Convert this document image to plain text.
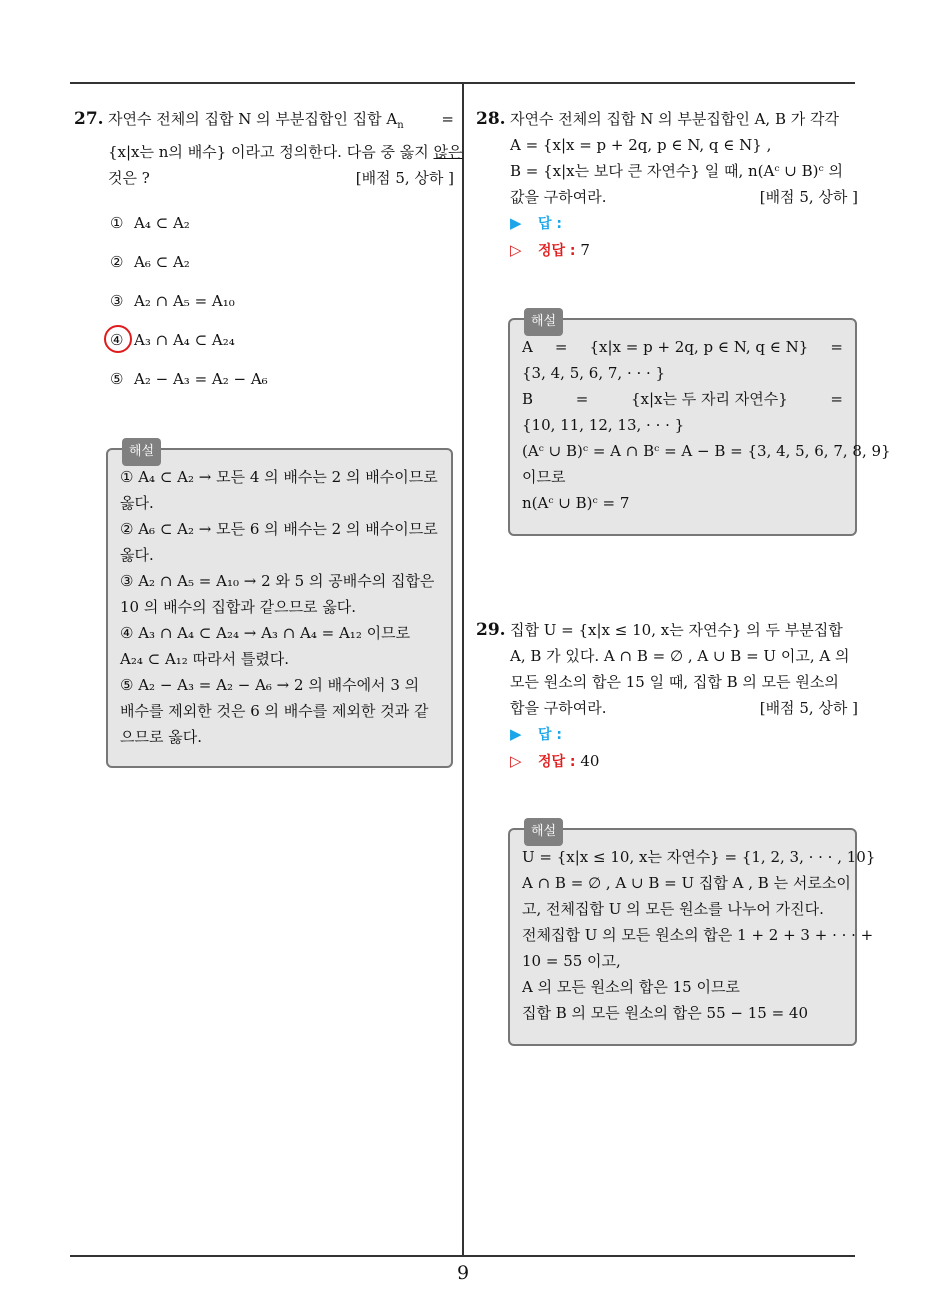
9
27. 자연수 전체의 집합 N 의 부분집합인 집합 $A_n$	=
{x|x는 n의 배수} 이라고 정의한다. 다음 중 옳지 않은
것은 ?	[배점 5, 상하 ]
① A₄ ⊂ A₂
② A₆ ⊂ A₂
③ A₂ ∩ A₅ = A₁₀
④ A₃ ∩ A₄ ⊂ A₂₄
⑤ A₂ − A₃ = A₂ − A₆
해설
① A₄ ⊂ A₂ → 모든 4 의 배수는 2 의 배수이므로
옳다.
② A₆ ⊂ A₂ → 모든 6 의 배수는 2 의 배수이므로
옳다.
③ A₂ ∩ A₅ = A₁₀ → 2 와 5 의 공배수의 집합은
10 의 배수의 집합과 같으므로 옳다.
④ A₃ ∩ A₄ ⊂ A₂₄ → A₃ ∩ A₄ = A₁₂ 이므로
A₂₄ ⊂ A₁₂ 따라서 틀렸다.
⑤ A₂ − A₃ = A₂ − A₆ → 2 의 배수에서 3 의
배수를 제외한 것은 6 의 배수를 제외한 것과 같
으므로 옳다.
28. 자연수 전체의 집합 N 의 부분집합인 A, B 가 각각
A = {x|x = p + 2q, p ∈ N, q ∈ N} ,
B = {x|x는 보다 큰 자연수} 일 때, n(Aᶜ ∪ B)ᶜ 의
값을 구하여라.	[배점 5, 상하 ]
▶ 답 :
▷ 정답 : 7
해설
A = {x|x = p + 2q, p ∈ N, q ∈ N} =
{3, 4, 5, 6, 7, · · · }
B	=	{x|x는 두 자리 자연수}	=
{10, 11, 12, 13, · · · }
(Aᶜ ∪ B)ᶜ = A ∩ Bᶜ = A − B = {3, 4, 5, 6, 7, 8, 9}
이므로
n(Aᶜ ∪ B)ᶜ = 7
29. 집합 U = {x|x ≤ 10, x는 자연수} 의 두 부분집합
A, B 가 있다. A ∩ B = ∅ , A ∪ B = U 이고, A 의
모든 원소의 합은 15 일 때, 집합 B 의 모든 원소의
합을 구하여라.	[배점 5, 상하 ]
▶ 답 :
▷ 정답 : 40
해설
U = {x|x ≤ 10, x는 자연수} = {1, 2, 3, · · · , 10}
A ∩ B = ∅ , A ∪ B = U 집합 A , B 는 서로소이
고, 전체집합 U 의 모든 원소를 나누어 가진다.
전체집합 U 의 모든 원소의 합은 1 + 2 + 3 + · · · +
10 = 55 이고,
A 의 모든 원소의 합은 15 이므로
집합 B 의 모든 원소의 합은 55 − 15 = 40
